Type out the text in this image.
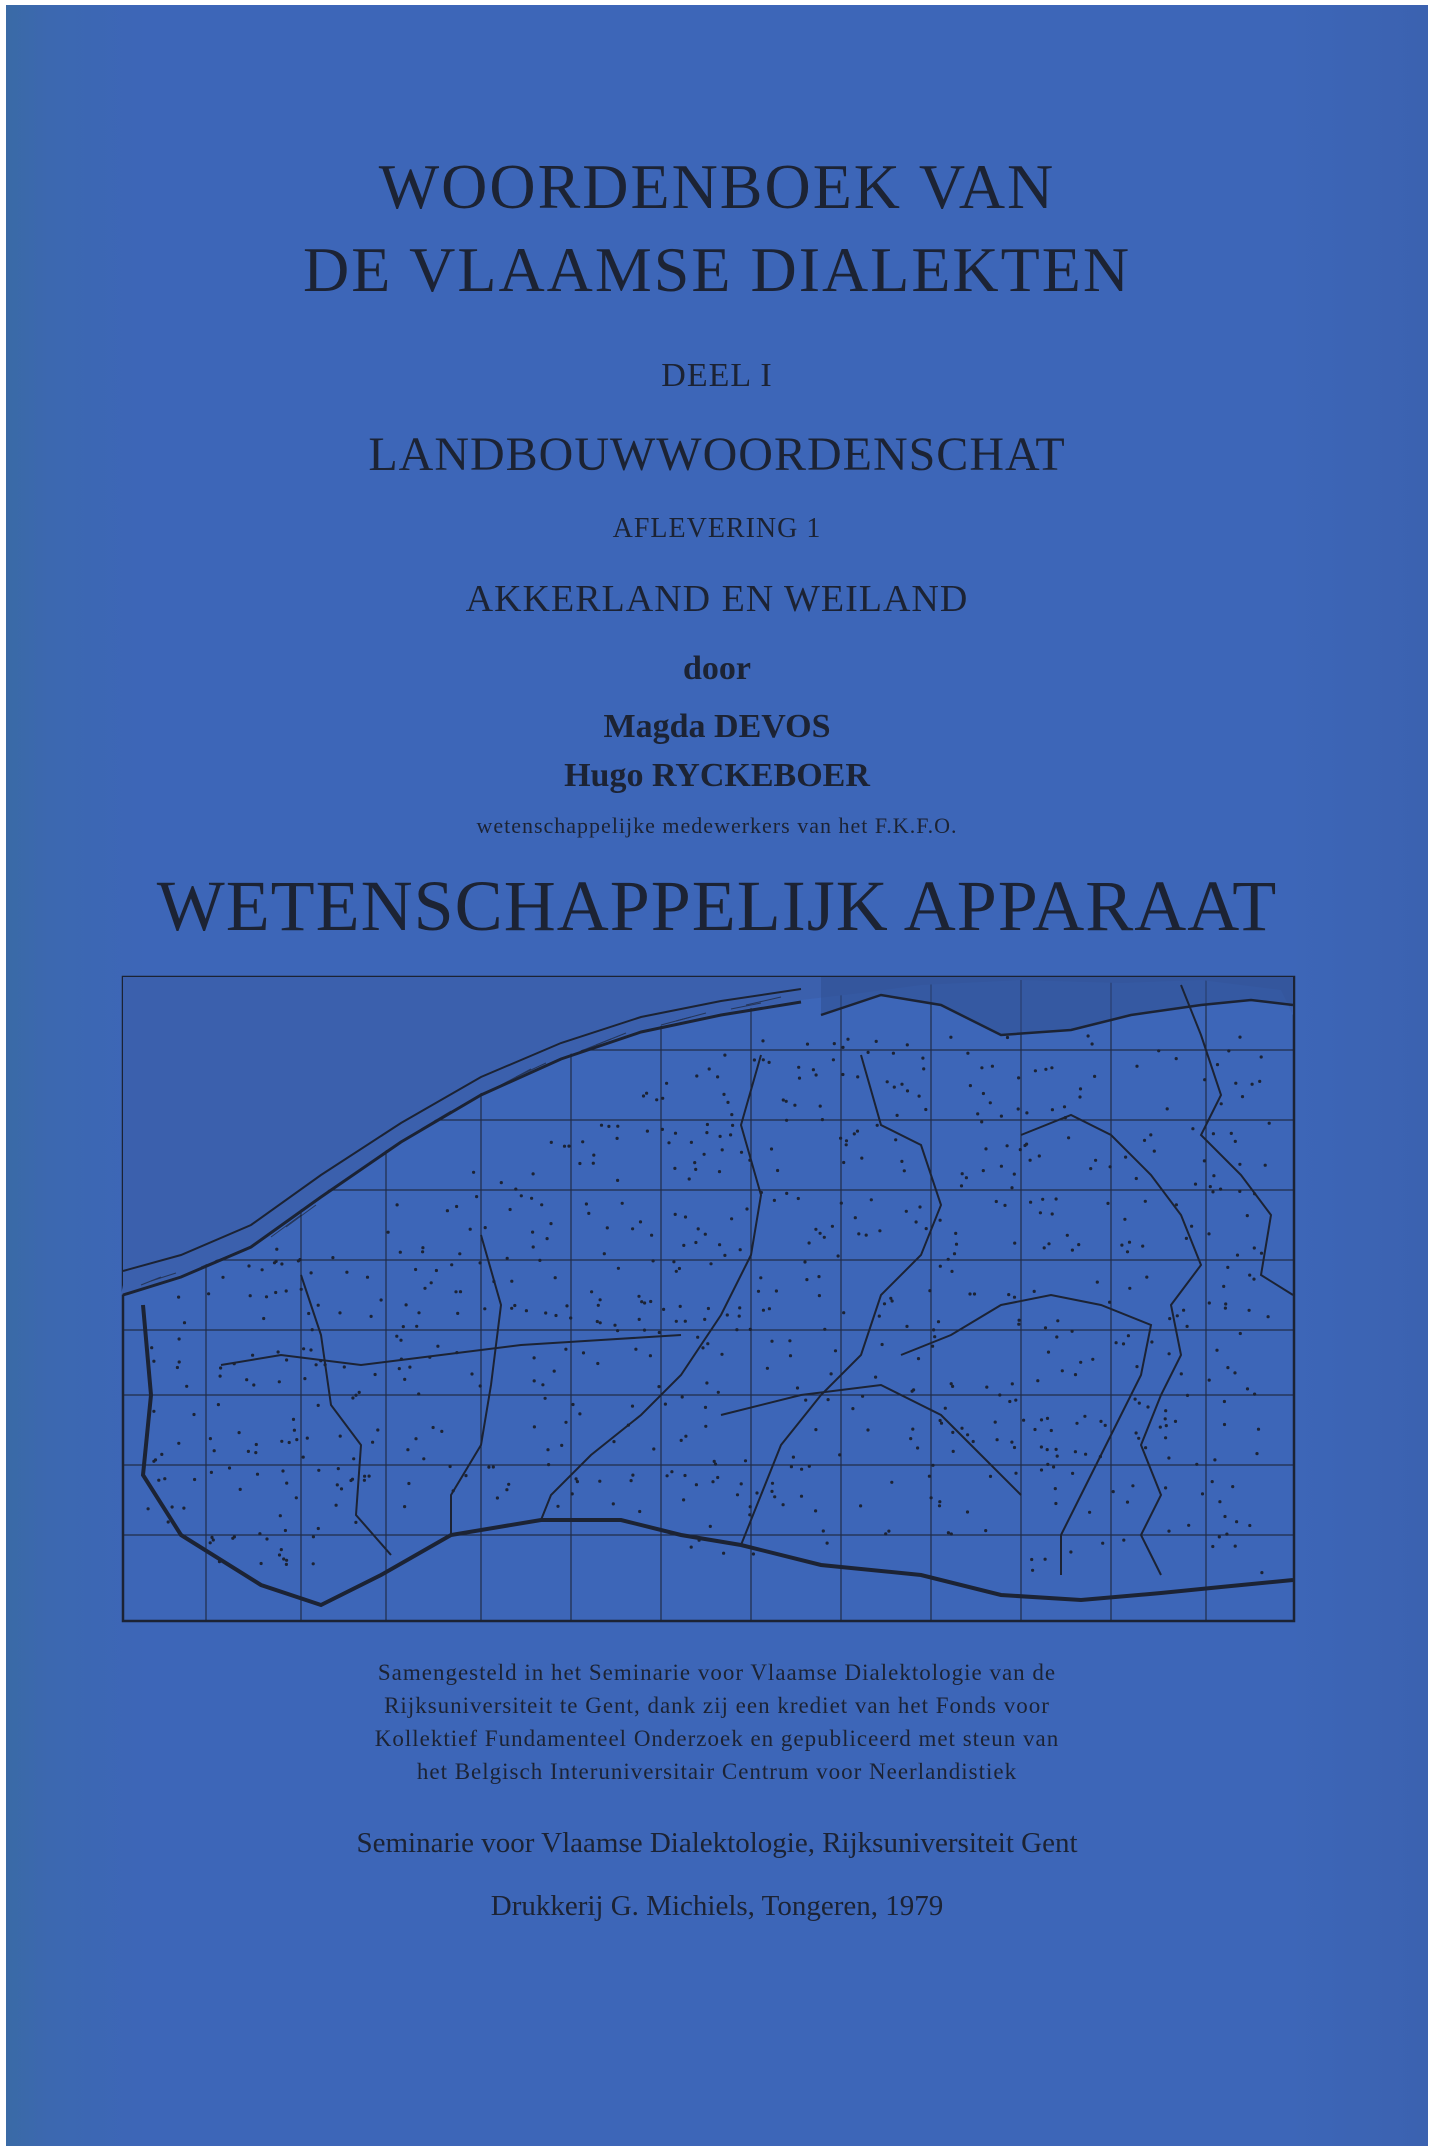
WOORDENBOEK VAN
DE VLAAMSE DIALEKTEN
DEEL I
LANDBOUWWOORDENSCHAT
AFLEVERING 1
AKKERLAND EN WEILAND
door
Magda DEVOS
Hugo RYCKEBOER
wetenschappelijke medewerkers van het F.K.F.O.
WETENSCHAPPELIJK APPARAAT
Samengesteld in het Seminarie voor Vlaamse Dialektologie van de
Rijksuniversiteit te Gent, dank zij een krediet van het Fonds voor
Kollektief Fundamenteel Onderzoek en gepubliceerd met steun van
het Belgisch Interuniversitair Centrum voor Neerlandistiek
Seminarie voor Vlaamse Dialektologie, Rijksuniversiteit Gent
Drukkerij G. Michiels, Tongeren, 1979
